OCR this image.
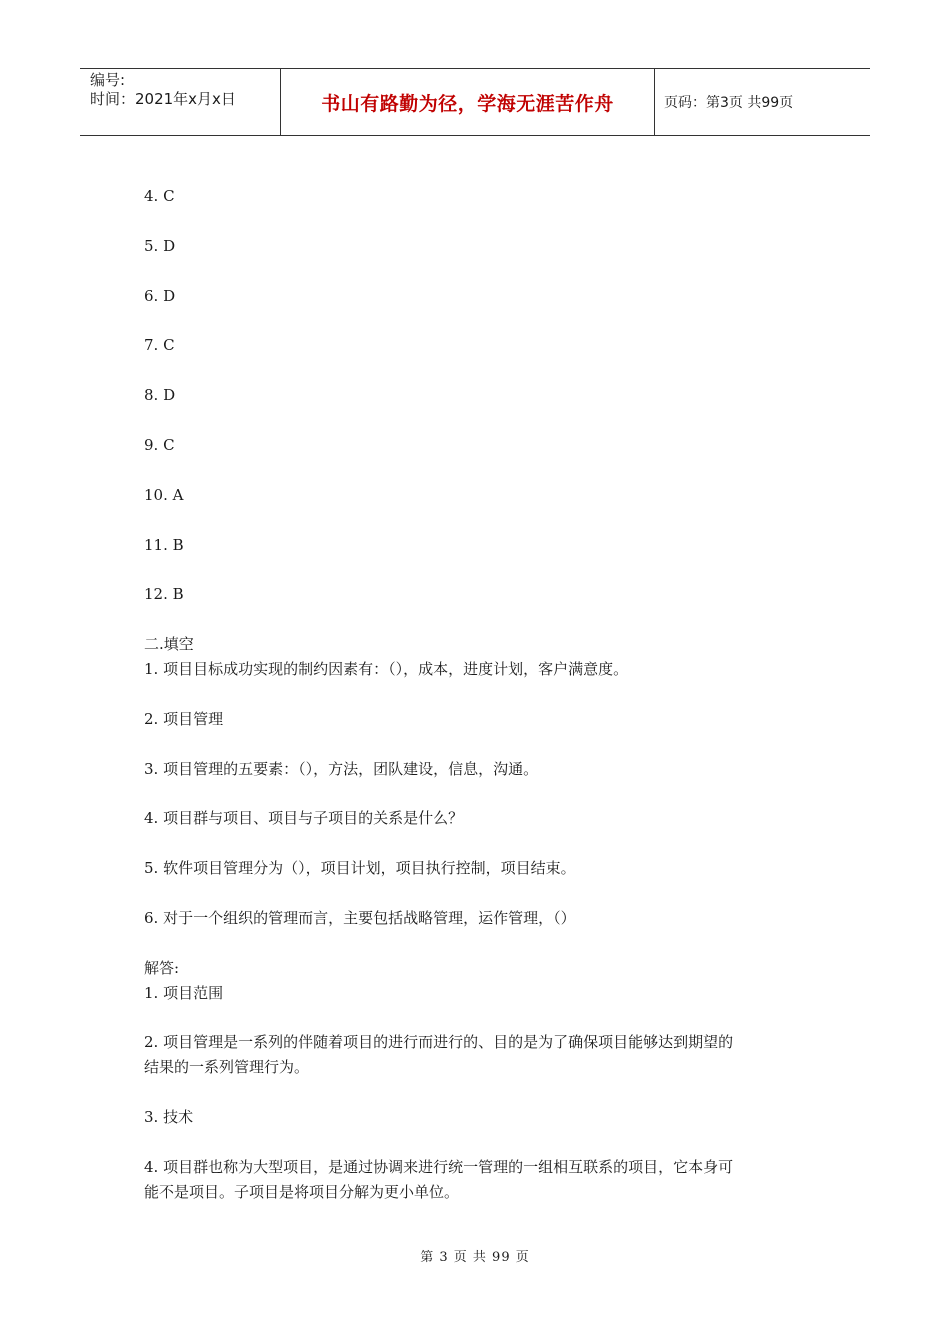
编号:
时间：2021年x月x日	书山有路勤为径，学海无涯苦作舟	页码：第3页 共99页
4. C
5. D
6. D
7. C
8. D
9. C
10. A
11. B
12. B
二.填空
1. 项目目标成功实现的制约因素有：（），成本，进度计划，客户满意度。
2. 项目管理
3. 项目管理的五要素：（），方法，团队建设，信息，沟通。
4. 项目群与项目、项目与子项目的关系是什么？
5. 软件项目管理分为（），项目计划，项目执行控制，项目结束。
6. 对于一个组织的管理而言，主要包括战略管理，运作管理，（）
解答:
1. 项目范围
2. 项目管理是一系列的伴随着项目的进行而进行的、目的是为了确保项目能够达到期望的
结果的一系列管理行为。
3. 技术
4. 项目群也称为大型项目，是通过协调来进行统一管理的一组相互联系的项目，它本身可
能不是项目。子项目是将项目分解为更小单位。
第 3 页 共 99 页
